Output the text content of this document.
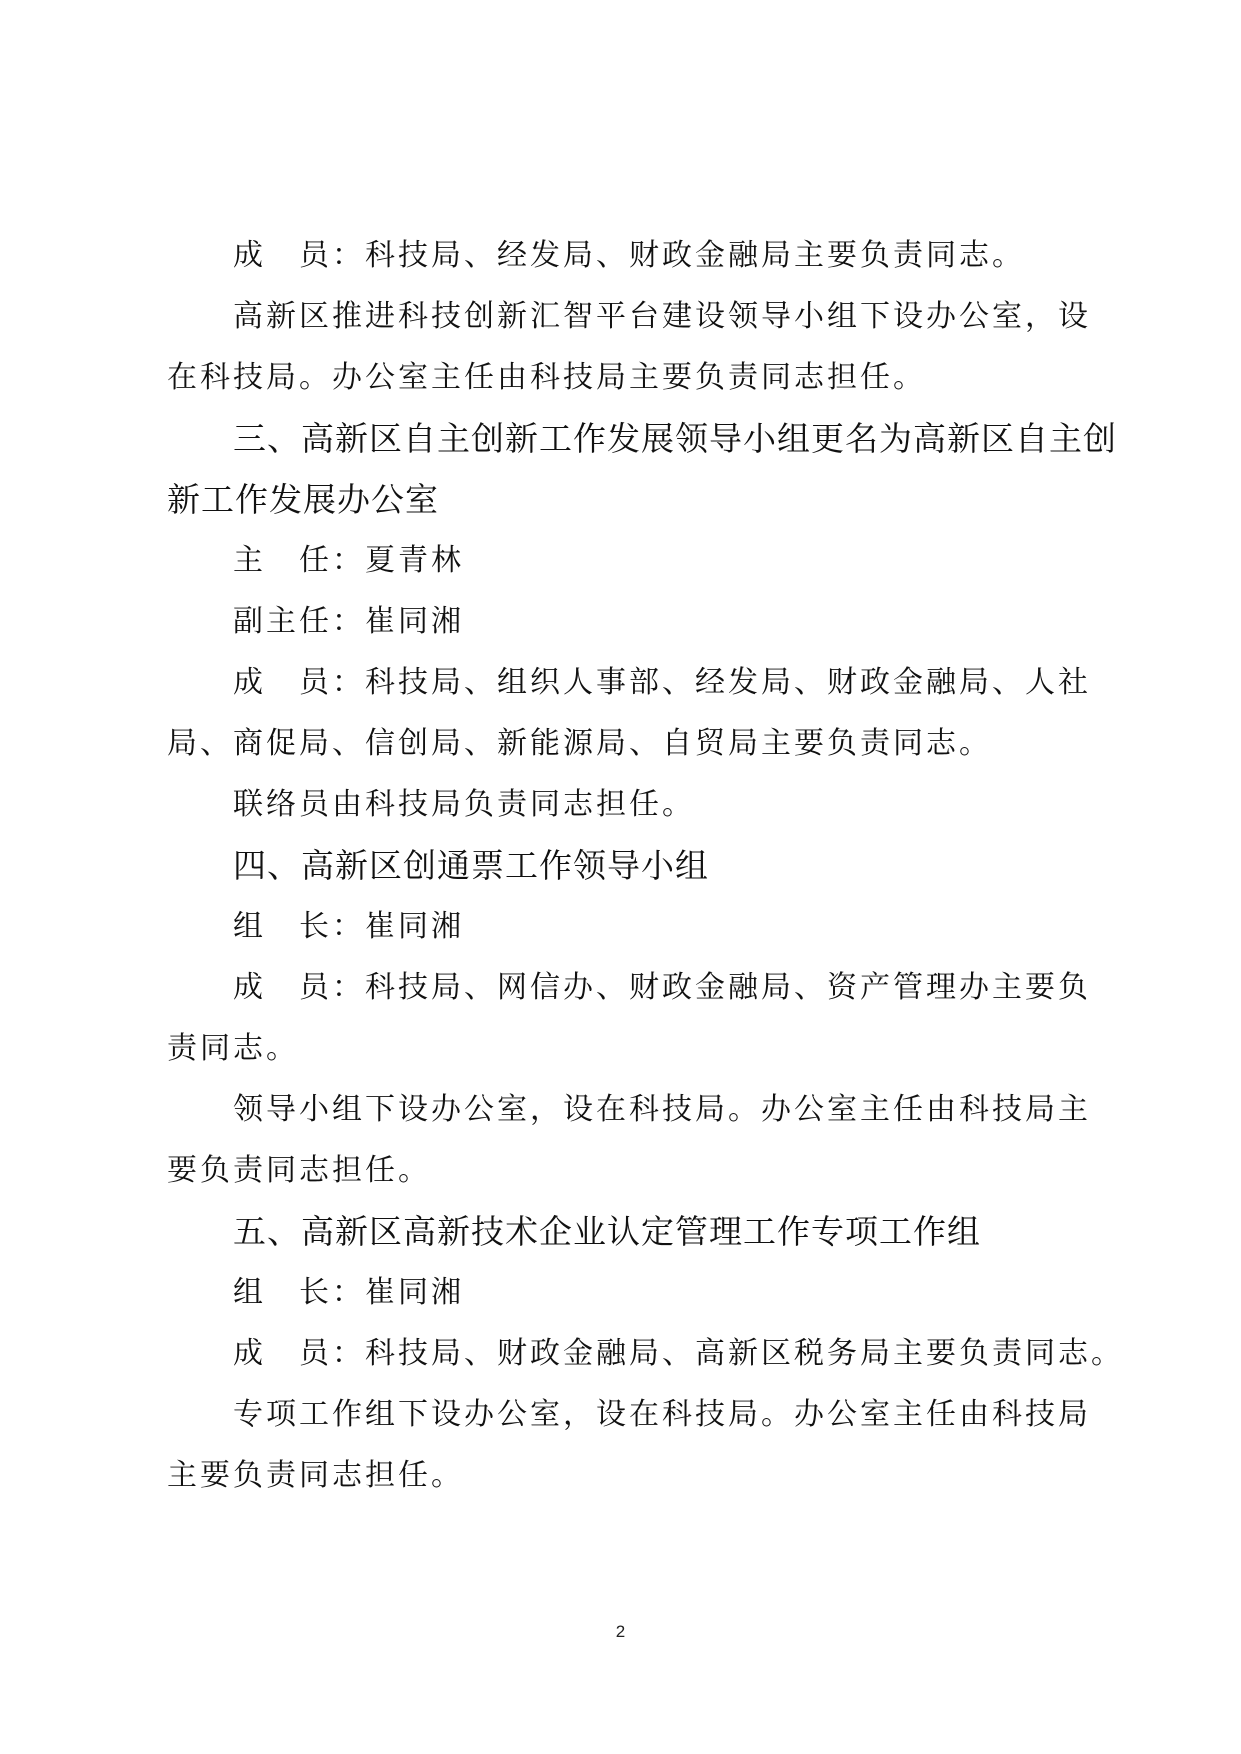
成　员：科技局、经发局、财政金融局主要负责同志。
高新区推进科技创新汇智平台建设领导小组下设办公室，设
在科技局。办公室主任由科技局主要负责同志担任。
三、高新区自主创新工作发展领导小组更名为高新区自主创
新工作发展办公室
主　任：夏青林
副主任：崔同湘
成　员：科技局、组织人事部、经发局、财政金融局、人社
局、商促局、信创局、新能源局、自贸局主要负责同志。
联络员由科技局负责同志担任。
四、高新区创通票工作领导小组
组　长：崔同湘
成　员：科技局、网信办、财政金融局、资产管理办主要负
责同志。
领导小组下设办公室，设在科技局。办公室主任由科技局主
要负责同志担任。
五、高新区高新技术企业认定管理工作专项工作组
组　长：崔同湘
成　员：科技局、财政金融局、高新区税务局主要负责同志。
专项工作组下设办公室，设在科技局。办公室主任由科技局
主要负责同志担任。
2
